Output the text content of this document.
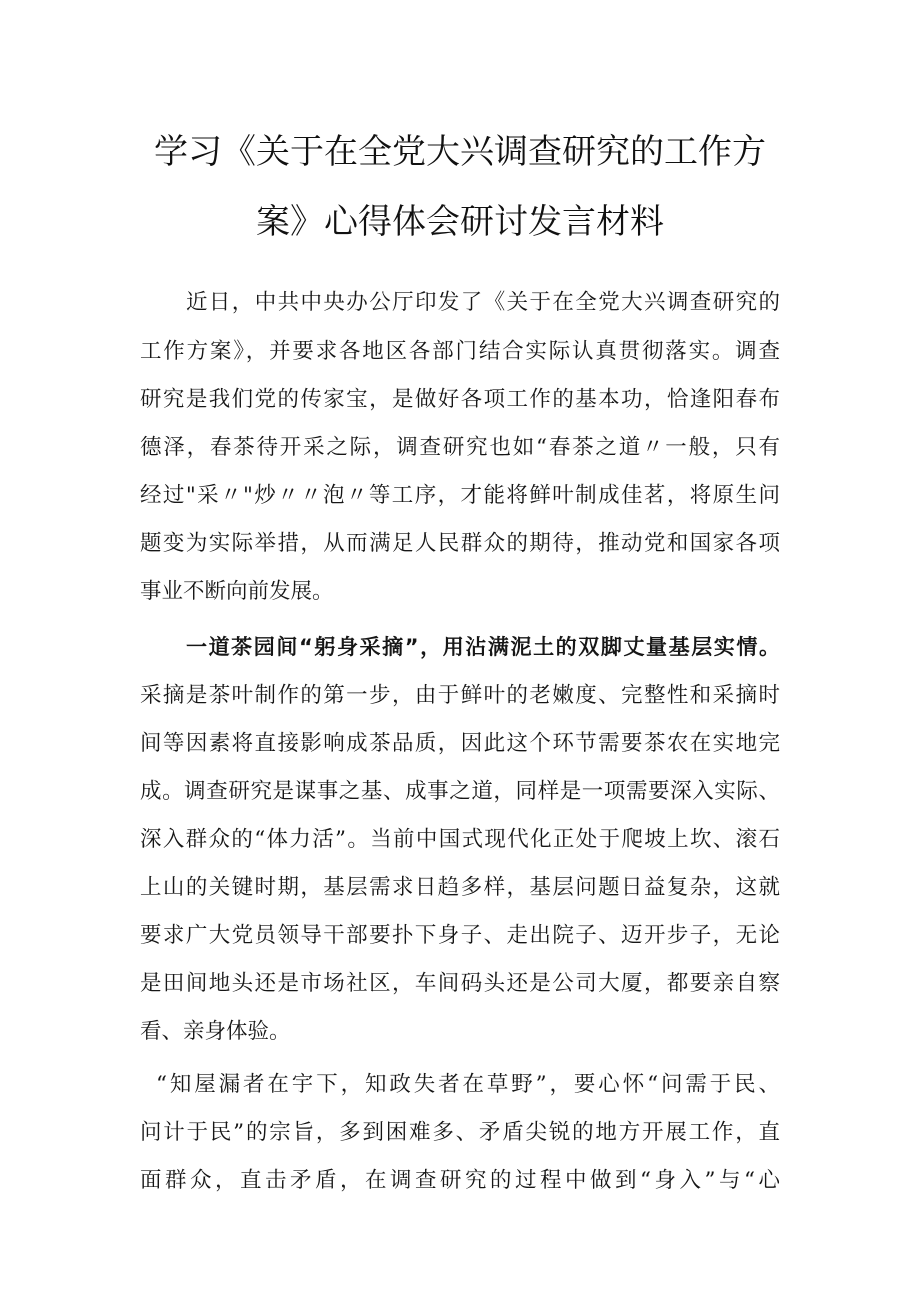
学习《关于在全党大兴调查研究的工作方
案》心得体会研讨发言材料
近日，中共中央办公厅印发了《关于在全党大兴调查研究的
工作方案》，并要求各地区各部门结合实际认真贯彻落实。调查
研究是我们党的传家宝，是做好各项工作的基本功，恰逢阳春布
德泽，春茶待开采之际，调查研究也如“春茶之道〃一般，只有
经过"采〃"炒〃〃泡〃等工序，才能将鲜叶制成佳茗，将原生问
题变为实际举措，从而满足人民群众的期待，推动党和国家各项
事业不断向前发展。
一道茶园间“躬身采摘”，用沾满泥土的双脚丈量基层实情。
采摘是茶叶制作的第一步，由于鲜叶的老嫩度、完整性和采摘时
间等因素将直接影响成茶品质，因此这个环节需要茶农在实地完
成。调查研究是谋事之基、成事之道，同样是一项需要深入实际、
深入群众的“体力活”。当前中国式现代化正处于爬坡上坎、滚石
上山的关键时期，基层需求日趋多样，基层问题日益复杂，这就
要求广大党员领导干部要扑下身子、走出院子、迈开步子，无论
是田间地头还是市场社区，车间码头还是公司大厦，都要亲自察
看、亲身体验。
“知屋漏者在宇下，知政失者在草野”，要心怀“问需于民、
问计于民”的宗旨，多到困难多、矛盾尖锐的地方开展工作，直
面群众，直击矛盾，在调查研究的过程中做到“身入”与“心
